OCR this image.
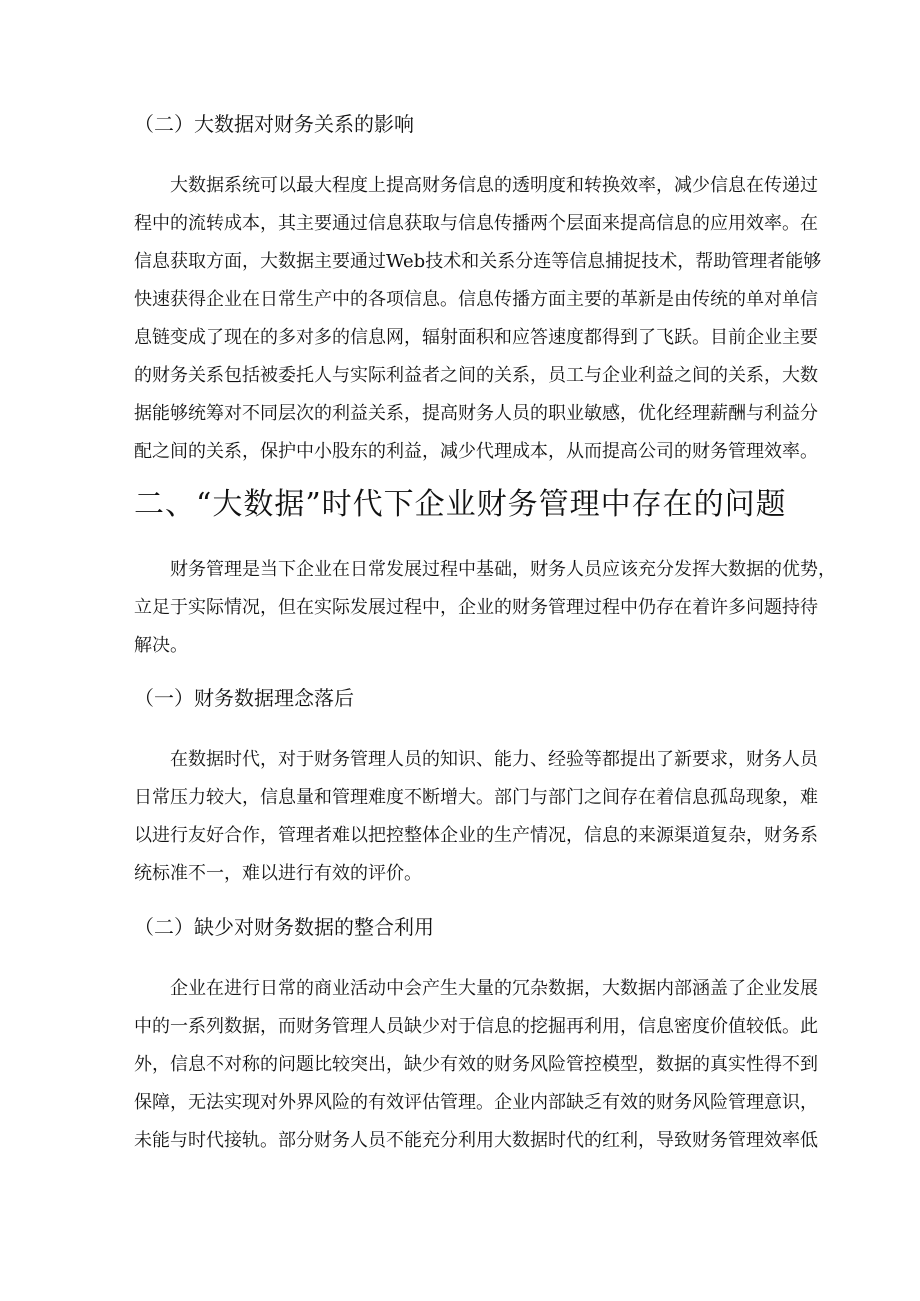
（二）大数据对财务关系的影响
大数据系统可以最大程度上提高财务信息的透明度和转换效率，减少信息在传递过
程中的流转成本，其主要通过信息获取与信息传播两个层面来提高信息的应用效率。在
信息获取方面，大数据主要通过Web技术和关系分连等信息捕捉技术，帮助管理者能够
快速获得企业在日常生产中的各项信息。信息传播方面主要的革新是由传统的单对单信
息链变成了现在的多对多的信息网，辐射面积和应答速度都得到了飞跃。目前企业主要
的财务关系包括被委托人与实际利益者之间的关系，员工与企业利益之间的关系，大数
据能够统筹对不同层次的利益关系，提高财务人员的职业敏感，优化经理薪酬与利益分
配之间的关系，保护中小股东的利益，减少代理成本，从而提高公司的财务管理效率。
二、“大数据”时代下企业财务管理中存在的问题
财务管理是当下企业在日常发展过程中基础，财务人员应该充分发挥大数据的优势，
立足于实际情况，但在实际发展过程中，企业的财务管理过程中仍存在着许多问题持待
解决。
（一）财务数据理念落后
在数据时代，对于财务管理人员的知识、能力、经验等都提出了新要求，财务人员
日常压力较大，信息量和管理难度不断增大。部门与部门之间存在着信息孤岛现象，难
以进行友好合作，管理者难以把控整体企业的生产情况，信息的来源渠道复杂，财务系
统标准不一，难以进行有效的评价。
（二）缺少对财务数据的整合利用
企业在进行日常的商业活动中会产生大量的冗杂数据，大数据内部涵盖了企业发展
中的一系列数据，而财务管理人员缺少对于信息的挖掘再利用，信息密度价值较低。此
外，信息不对称的问题比较突出，缺少有效的财务风险管控模型，数据的真实性得不到
保障，无法实现对外界风险的有效评估管理。企业内部缺乏有效的财务风险管理意识，
未能与时代接轨。部分财务人员不能充分利用大数据时代的红利，导致财务管理效率低
